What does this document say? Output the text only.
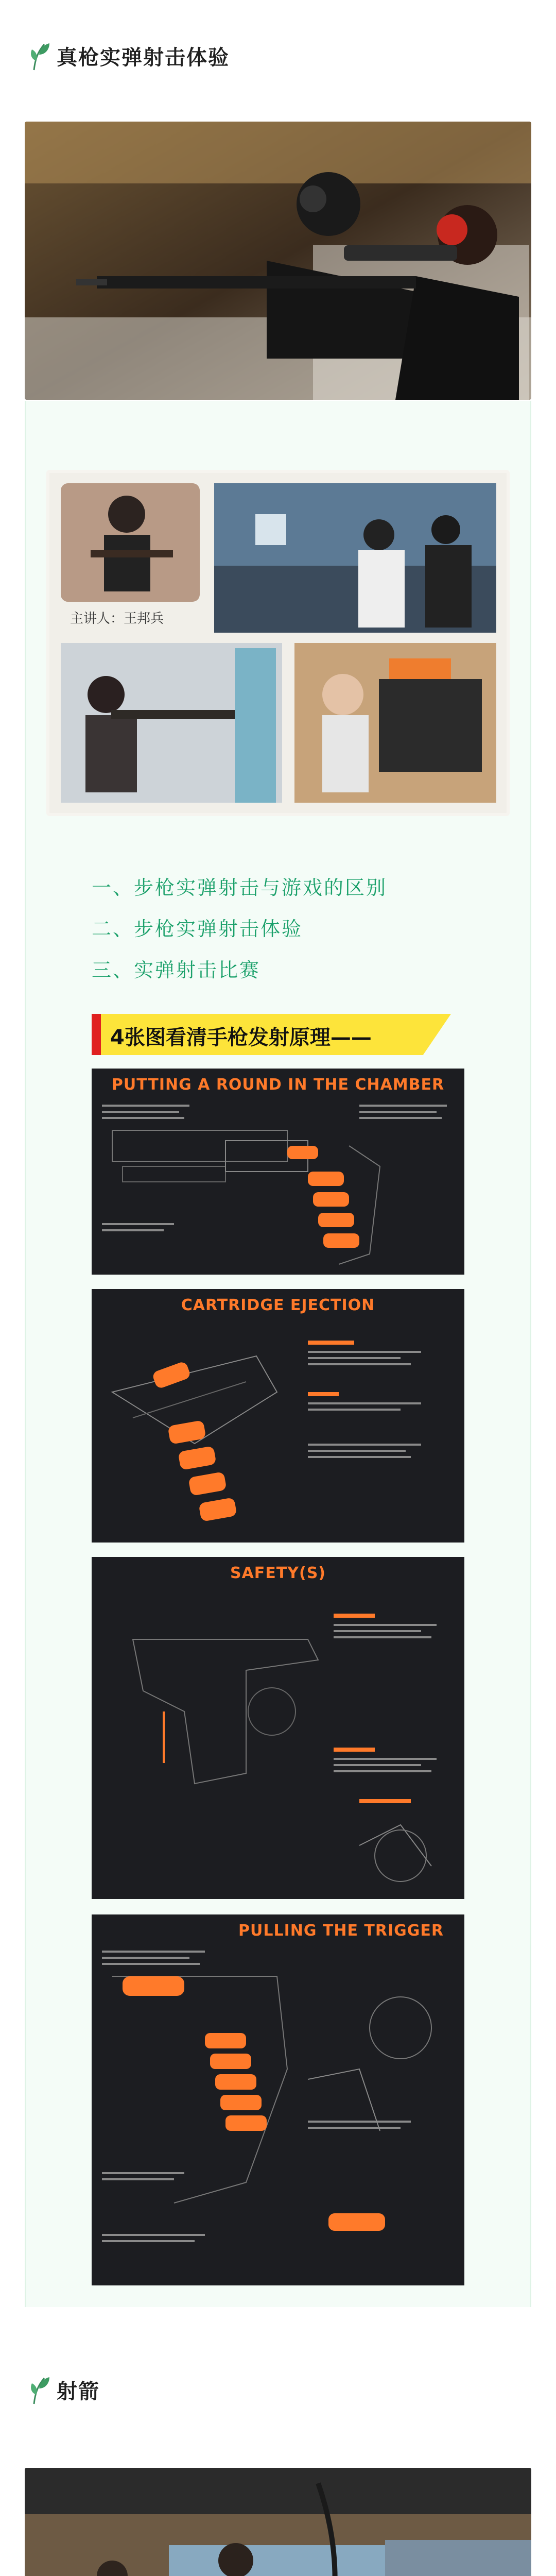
真枪实弹射击体验
主讲人：王邦兵
一、步枪实弹射击与游戏的区别
二、步枪实弹射击体验
三、实弹射击比赛
4张图看清手枪发射原理——
PUTTING A ROUND IN THE CHAMBER
CARTRIDGE EJECTION
SAFETY(S)
PULLING THE TRIGGER
射箭
